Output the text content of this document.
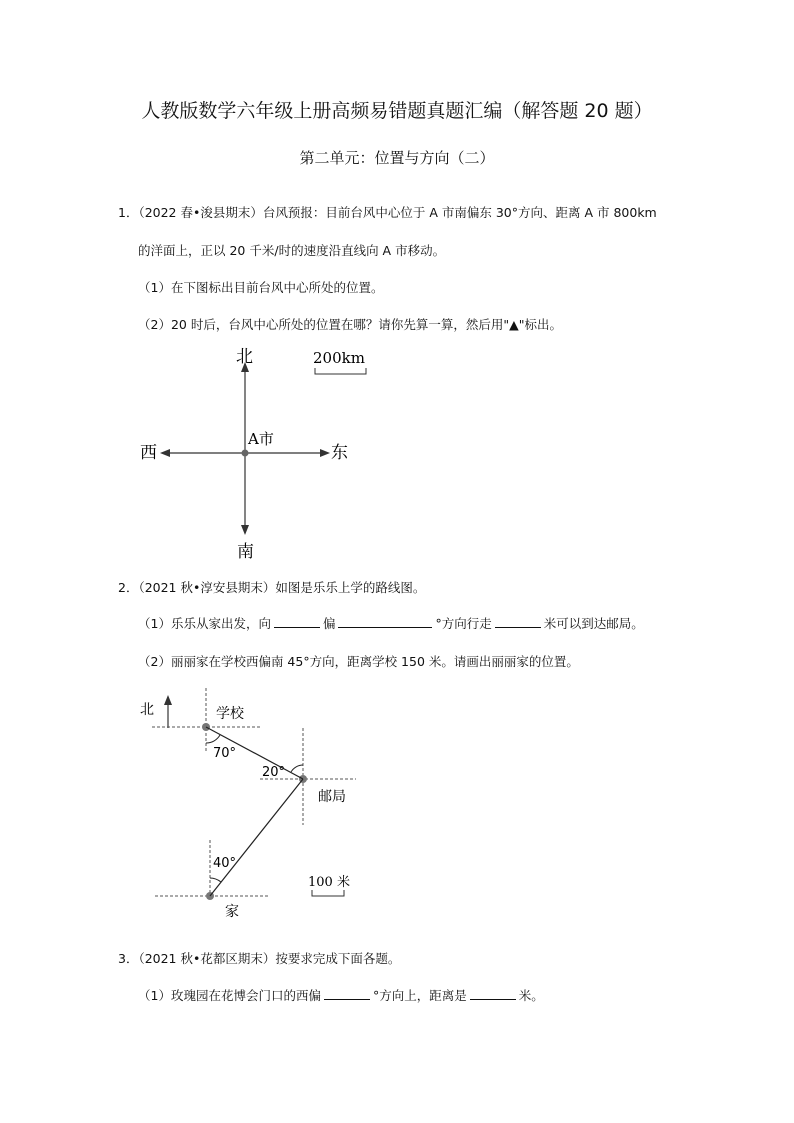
人教版数学六年级上册高频易错题真题汇编（解答题 20 题）
第二单元：位置与方向（二）
1．（2022 春•浚县期末）台风预报：目前台风中心位于 A 市南偏东 30°方向、距离 A 市 800km
的洋面上，正以 20 千米/时的速度沿直线向 A 市移动。
（1）在下图标出目前台风中心所处的位置。
（2）20 时后，台风中心所处的位置在哪？请你先算一算，然后用"▲"标出。
北
南
东
西
A市
200km
2．（2021 秋•淳安县期末）如图是乐乐上学的路线图。
（1）乐乐从家出发，向	偏	°方向行走	米可以到达邮局。
（2）丽丽家在学校西偏南 45°方向，距离学校 150 米。请画出丽丽家的位置。
北	学校
邮局
家
70°
20°
40°
100 米
3．（2021 秋•花都区期末）按要求完成下面各题。
（1）玫瑰园在花博会门口的西偏	°方向上，距离是	米。
